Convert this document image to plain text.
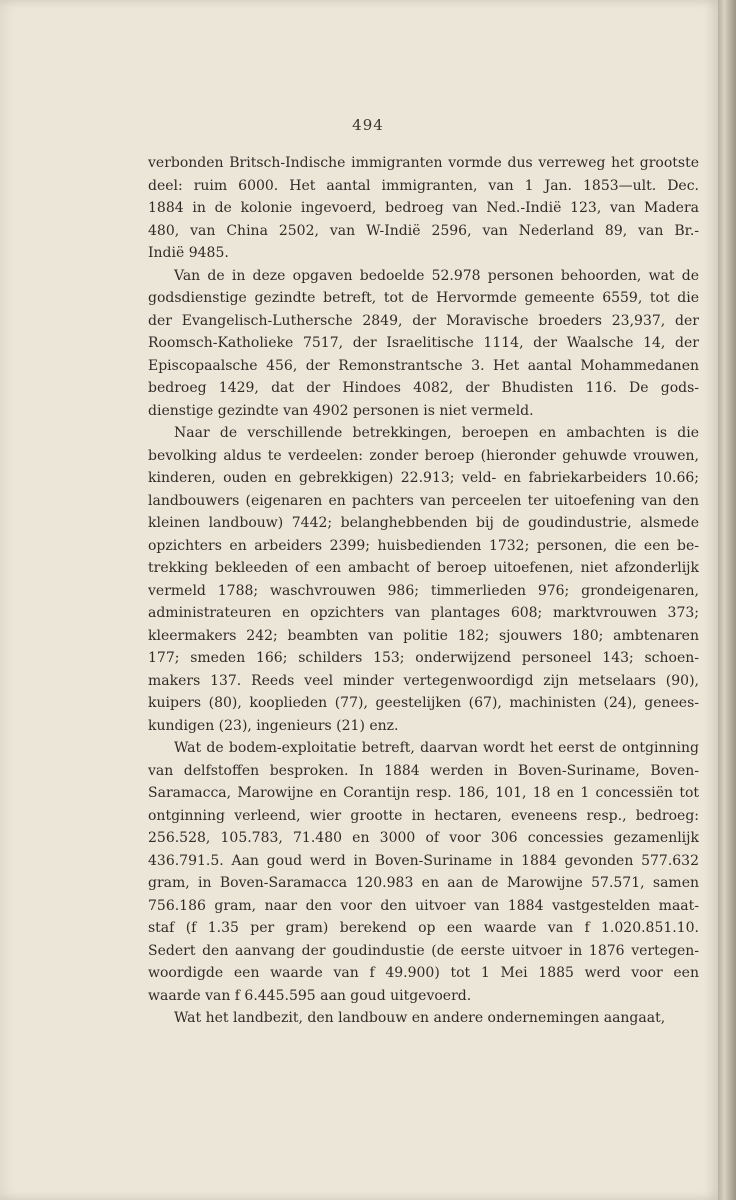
494

verbonden Britsch-Indische immigranten vormde dus verreweg het grootste
deel: ruim 6000. Het aantal immigranten, van 1 Jan. 1853—ult. Dec.
1884 in de kolonie ingevoerd, bedroeg van Ned.-Indië 123, van Madera
480, van China 2502, van W-Indië 2596, van Nederland 89, van Br.-
Indië 9485.

Van de in deze opgaven bedoelde 52.978 personen behoorden, wat de
godsdienstige gezindte betreft, tot de Hervormde gemeente 6559, tot die
der Evangelisch-Luthersche 2849, der Moravische broeders 23,937, der
Roomsch-Katholieke 7517, der Israelitische 1114, der Waalsche 14, der
Episcopaalsche 456, der Remonstrantsche 3. Het aantal Mohammedanen
bedroeg 1429, dat der Hindoes 4082, der Bhudisten 116. De gods-
dienstige gezindte van 4902 personen is niet vermeld.

Naar de verschillende betrekkingen, beroepen en ambachten is die
bevolking aldus te verdeelen: zonder beroep (hieronder gehuwde vrouwen,
kinderen, ouden en gebrekkigen) 22.913; veld- en fabriekarbeiders 10.66;
landbouwers (eigenaren en pachters van perceelen ter uitoefening van den
kleinen landbouw) 7442; belanghebbenden bij de goudindustrie, alsmede
opzichters en arbeiders 2399; huisbedienden 1732; personen, die een be-
trekking bekleeden of een ambacht of beroep uitoefenen, niet afzonderlijk
vermeld 1788; waschvrouwen 986; timmerlieden 976; grondeigenaren,
administrateuren en opzichters van plantages 608; marktvrouwen 373;
kleermakers 242; beambten van politie 182; sjouwers 180; ambtenaren
177; smeden 166; schilders 153; onderwijzend personeel 143; schoen-
makers 137. Reeds veel minder vertegenwoordigd zijn metselaars (90),
kuipers (80), kooplieden (77), geestelijken (67), machinisten (24), genees-
kundigen (23), ingenieurs (21) enz.

Wat de bodem-exploitatie betreft, daarvan wordt het eerst de ontginning
van delfstoffen besproken. In 1884 werden in Boven-Suriname, Boven-
Saramacca, Marowijne en Corantijn resp. 186, 101, 18 en 1 concessiën tot
ontginning verleend, wier grootte in hectaren, eveneens resp., bedroeg:
256.528, 105.783, 71.480 en 3000 of voor 306 concessies gezamenlijk
436.791.5. Aan goud werd in Boven-Suriname in 1884 gevonden 577.632
gram, in Boven-Saramacca 120.983 en aan de Marowijne 57.571, samen
756.186 gram, naar den voor den uitvoer van 1884 vastgestelden maat-
staf (f 1.35 per gram) berekend op een waarde van f 1.020.851.10.
Sedert den aanvang der goudindustie (de eerste uitvoer in 1876 vertegen-
woordigde een waarde van f 49.900) tot 1 Mei 1885 werd voor een
waarde van f 6.445.595 aan goud uitgevoerd.

Wat het landbezit, den landbouw en andere ondernemingen aangaat,
